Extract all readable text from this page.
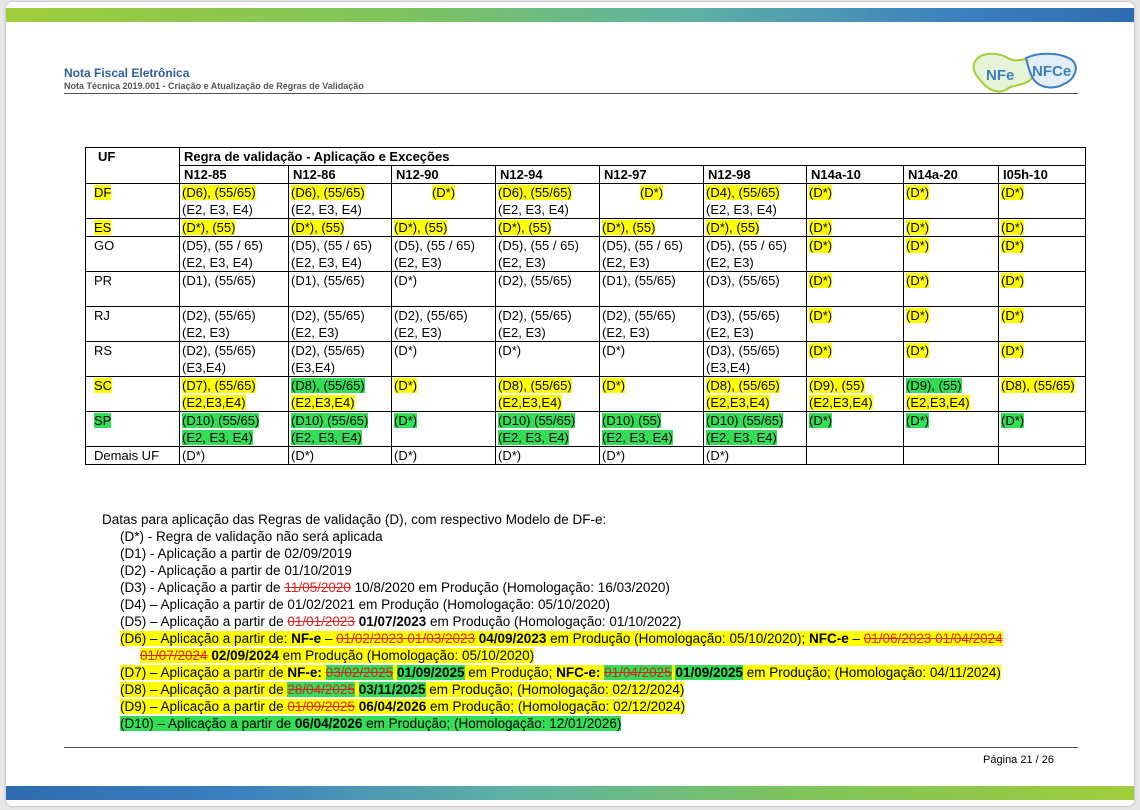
Nota Fiscal Eletrônica
Nota Técnica 2019.001 - Criação e Atualização de Regras de Validação
NFe NFCe
UF	Regra de validação - Aplicação e Exceções								
	N12-85	N12-86	N12-90	N12-94	N12-97	N12-98	N14a-10	N14a-20	I05h-10
DF	(D6), (55/65)	(D6), (55/65)	(D*)	(D6), (55/65)	(D*)	(D4), (55/65)	(D*)	(D*)	(D*)
	(E2, E3, E4)	(E2, E3, E4)		(E2, E3, E4)		(E2, E3, E4)			
ES	(D*), (55)	(D*), (55)	(D*), (55)	(D*), (55)	(D*), (55)	(D*), (55)	(D*)	(D*)	(D*)
GO	(D5), (55 / 65)	(D5), (55 / 65)	(D5), (55 / 65)	(D5), (55 / 65)	(D5), (55 / 65)	(D5), (55 / 65)	(D*)	(D*)	(D*)
	(E2, E3, E4)	(E2, E3, E4)	(E2, E3)	(E2, E3)	(E2, E3)	(E2, E3)			
PR	(D1), (55/65)	(D1), (55/65)	(D*)	(D2), (55/65)	(D1), (55/65)	(D3), (55/65)	(D*)	(D*)	(D*)

RJ	(D2), (55/65)	(D2), (55/65)	(D2), (55/65)	(D2), (55/65)	(D2), (55/65)	(D3), (55/65)	(D*)	(D*)	(D*)
	(E2, E3)	(E2, E3)	(E2, E3)	(E2, E3)	(E2, E3)	(E2, E3)			
RS	(D2), (55/65)	(D2), (55/65)	(D*)	(D*)	(D*)	(D3), (55/65)	(D*)	(D*)	(D*)
	(E3,E4)	(E3,E4)				(E3,E4)			
SC	(D7), (55/65)	(D8), (55/65)	(D*)	(D8), (55/65)	(D*)	(D8), (55/65)	(D9), (55)	(D9), (55)	(D8), (55/65)
	(E2,E3,E4)	(E2,E3,E4)		(E2,E3,E4)		(E2,E3,E4)	(E2,E3,E4)	(E2,E3,E4)	
SP	(D10) (55/65)	(D10) (55/65)	(D*)	(D10) (55/65)	(D10) (55)	(D10) (55/65)	(D*)	(D*)	(D*)
	(E2, E3, E4)	(E2, E3, E4)		(E2, E3, E4)	(E2, E3, E4)	(E2, E3, E4)			
Demais UF	(D*)	(D*)	(D*)	(D*)	(D*)	(D*)			
Datas para aplicação das Regras de validação (D), com respectivo Modelo de DF-e:
(D*) - Regra de validação não será aplicada
(D1) - Aplicação a partir de 02/09/2019
(D2) - Aplicação a partir de 01/10/2019
(D3) - Aplicação a partir de 11/05/2020 10/8/2020 em Produção (Homologação: 16/03/2020)
(D4) – Aplicação a partir de 01/02/2021 em Produção (Homologação: 05/10/2020)
(D5) – Aplicação a partir de 01/01/2023 01/07/2023 em Produção (Homologação: 01/10/2022)
(D6) – Aplicação a partir de: NF-e – 01/02/2023 01/03/2023 04/09/2023 em Produção (Homologação: 05/10/2020); NFC-e – 01/06/2023 01/04/2024
01/07/2024 02/09/2024 em Produção (Homologação: 05/10/2020)
(D7) – Aplicação a partir de NF-e: 03/02/2025 01/09/2025 em Produção; NFC-e: 01/04/2025 01/09/2025 em Produção; (Homologação: 04/11/2024)
(D8) – Aplicação a partir de 28/04/2025 03/11/2025 em Produção; (Homologação: 02/12/2024)
(D9) – Aplicação a partir de 01/09/2025 06/04/2026 em Produção; (Homologação: 02/12/2024)
(D10) – Aplicação a partir de 06/04/2026 em Produção; (Homologação: 12/01/2026)
Página 21 / 26
